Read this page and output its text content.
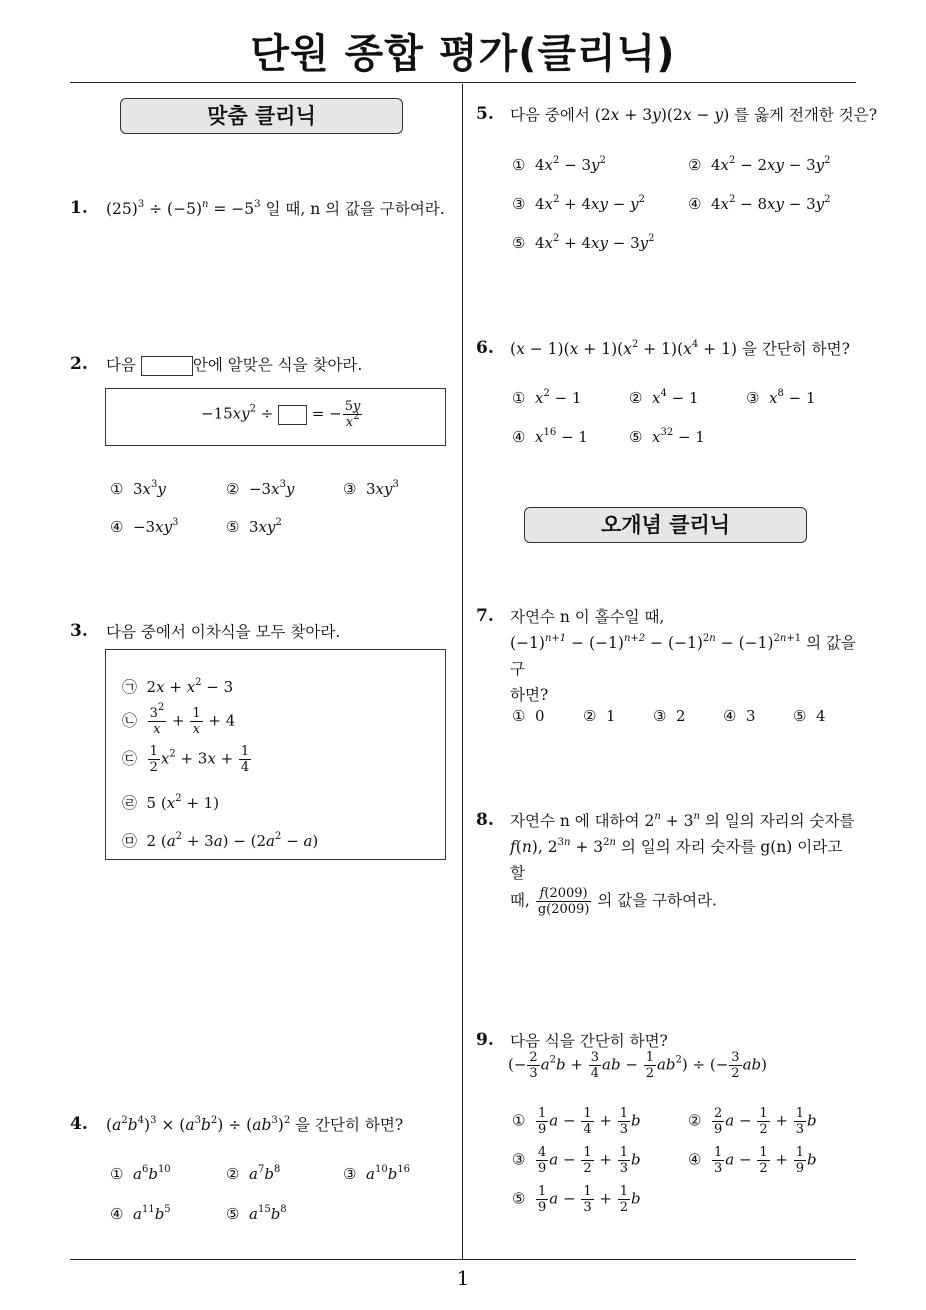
단원 종합 평가(클리닉)
1
맞춤 클리닉
1. $(25)^3 \div (-5)^n = -5^3$ 일 때, n 의 값을 구하여라.
2. 다음	안에 알맞은 식을 찾아라.
$-15xy^2$ ÷  = − $\frac{5y}{x^2}$
①  $3x^3y$	②  $-3x^3y$	③  $3xy^3$
④  $-3xy^3$	⑤  $3xy^2$
3. 다음 중에서 이차식을 모두 찾아라.
㉠  $2x + x^2 - 3$
㉡ $\frac{3^2}{x} + \frac{1}{x} + 4$
㉢ $\frac{1}{2} x^2 + 3x + \frac{1}{4}$
㉣  5 $(x^2 + 1)$
㉤  2 $(a^2 + 3a) - (2a^2 - a)$
4. $(a^2b^4)^3 \times (a^3b^2) \div (ab^3)^2$ 을 간단히 하면?
① $a^6b^{10}$	② $a^7b^8$	③ $a^{10}b^{16}$
④ $a^{11}b^5$	⑤ $a^{15}b^8$
5. 다음 중에서 (2x + 3y)(2x − y) 를 옳게 전개한 것은?
①  $4x^2 - 3y^2$	②  $4x^2 - 2xy - 3y^2$
③  $4x^2 + 4xy - y^2$	④  $4x^2 - 8xy - 3y^2$
⑤  $4x^2 + 4xy - 3y^2$
6. $(x - 1)(x + 1)(x^2 + 1)(x^4 + 1)$ 을 간단히 하면?
① $x^2 - 1$	② $x^4 - 1$	③ $x^8 - 1$
④ $x^{16} - 1$	⑤ $x^{32} - 1$
오개념 클리닉
7. 자연수 n 이 홀수일 때,
$(-1)^{n+1} - (-1)^{n+2} - (-1)^{2n} - (-1)^{2n+1}$ 의 값을 구
하면?
① 0	② 1 ③ 2 ④ 3 ⑤ 4
8. 자연수 n 에 대하여 $2^n + 3^n$ 의 일의 자리의 숫자를
f(n), $2^{3n} + 3^{2n}$ 의 일의 자리 숫자를 g(n) 이라고 할
때, $\frac{f(2009)}{g(2009)}$ 의 값을 구하여라.
9. 다음 식을 간단히 하면?
(− $\frac{2}{3} a^2b + \frac{3}{4}$ ab − $\frac{1}{2} ab^2$) ÷ (− $\frac{3}{2} ab$)
① $\frac{1}{9}$ $a - \frac{1}{4} + \frac{1}{3}$ b	② $\frac{2}{9}$ $a - \frac{1}{2} + \frac{1}{3}$ b
③ $\frac{4}{9}$ $a - \frac{1}{2} + \frac{1}{3}$ b	④ $\frac{1}{3}$ $a - \frac{1}{2} + \frac{1}{9}$ b
⑤ $\frac{1}{9}$ $a - \frac{1}{3} + \frac{1}{2}$ b
